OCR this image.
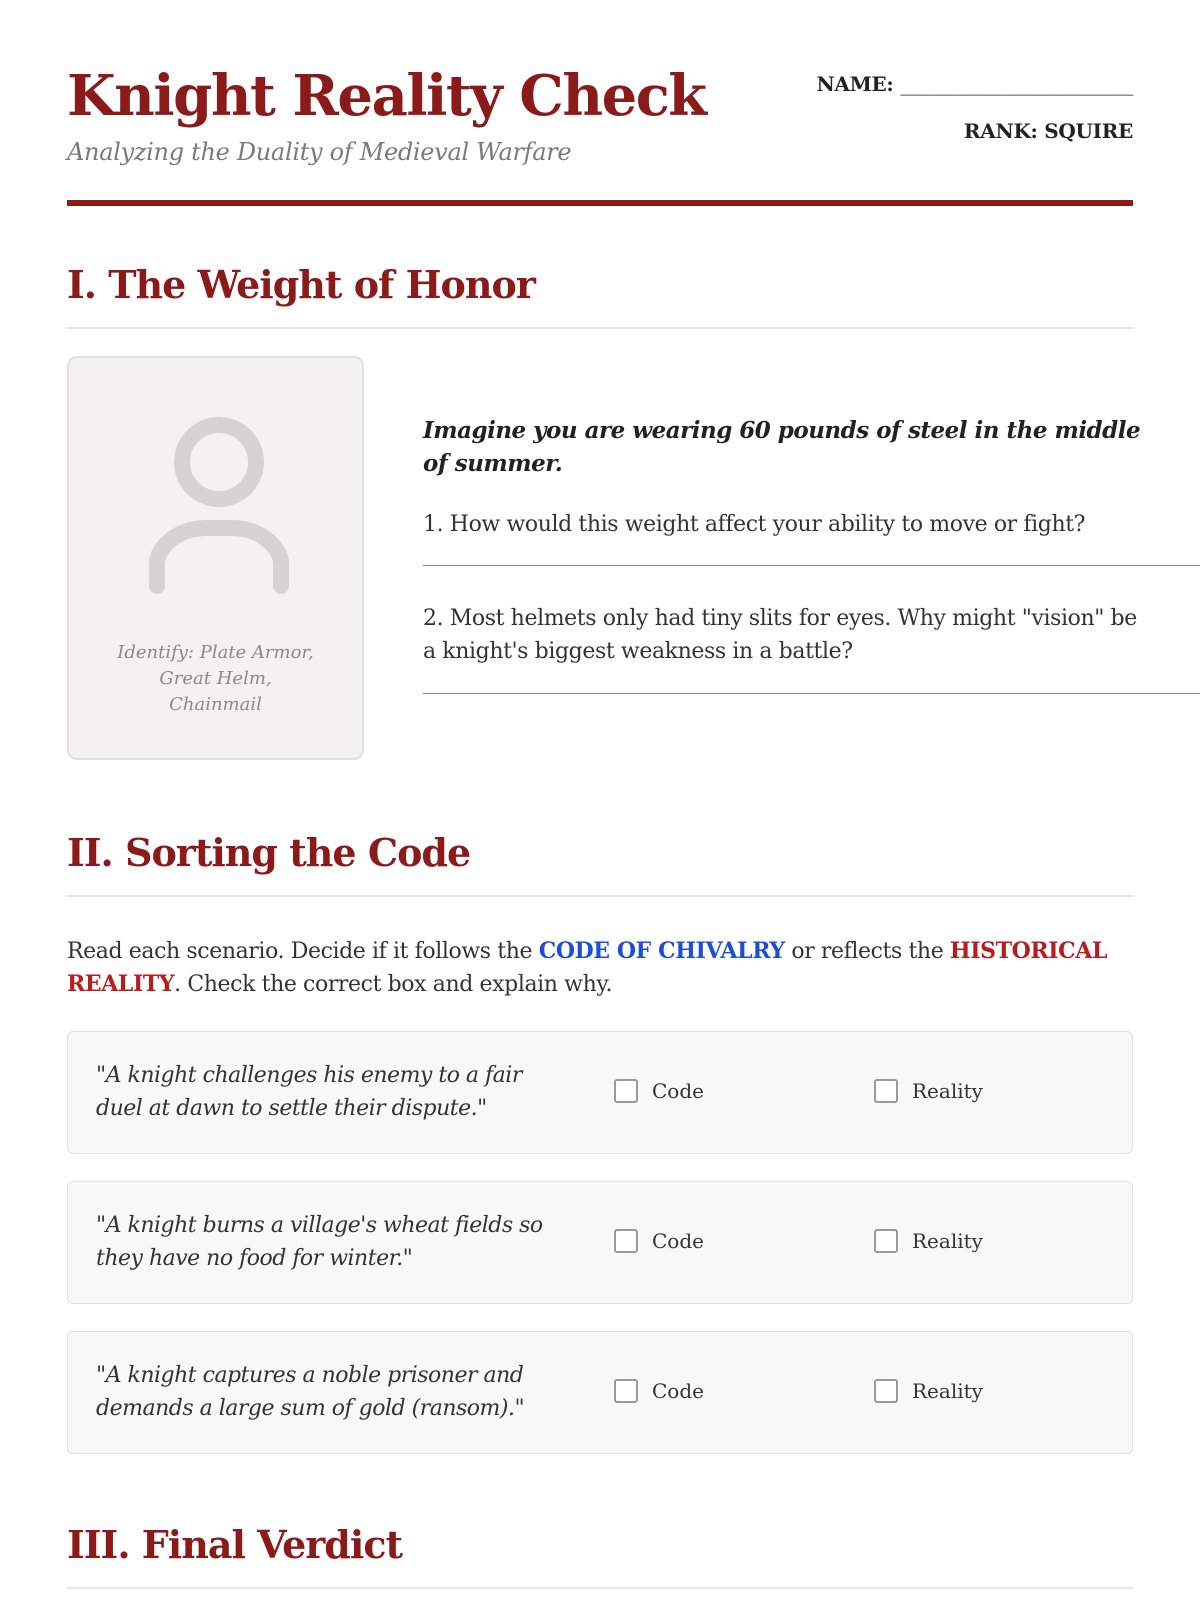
Knight Reality Check
Analyzing the Duality of Medieval Warfare
NAME: ________________________
RANK: SQUIRE
I. The Weight of Honor
Identify: Plate Armor,
Great Helm,
Chainmail
Imagine you are wearing 60 pounds of steel in the middle of summer.
1. How would this weight affect your ability to move or fight?
2. Most helmets only had tiny slits for eyes. Why might "vision" be a knight's biggest weakness in a battle?
II. Sorting the Code
Read each scenario. Decide if it follows the CODE OF CHIVALRY or reflects the HISTORICAL REALITY. Check the correct box and explain why.
"A knight challenges his enemy to a fair duel at dawn to settle their dispute."
Code	Reality
"A knight burns a village's wheat fields so they have no food for winter."
Code	Reality
"A knight captures a noble prisoner and demands a large sum of gold (ransom)."
Code	Reality
III. Final Verdict
